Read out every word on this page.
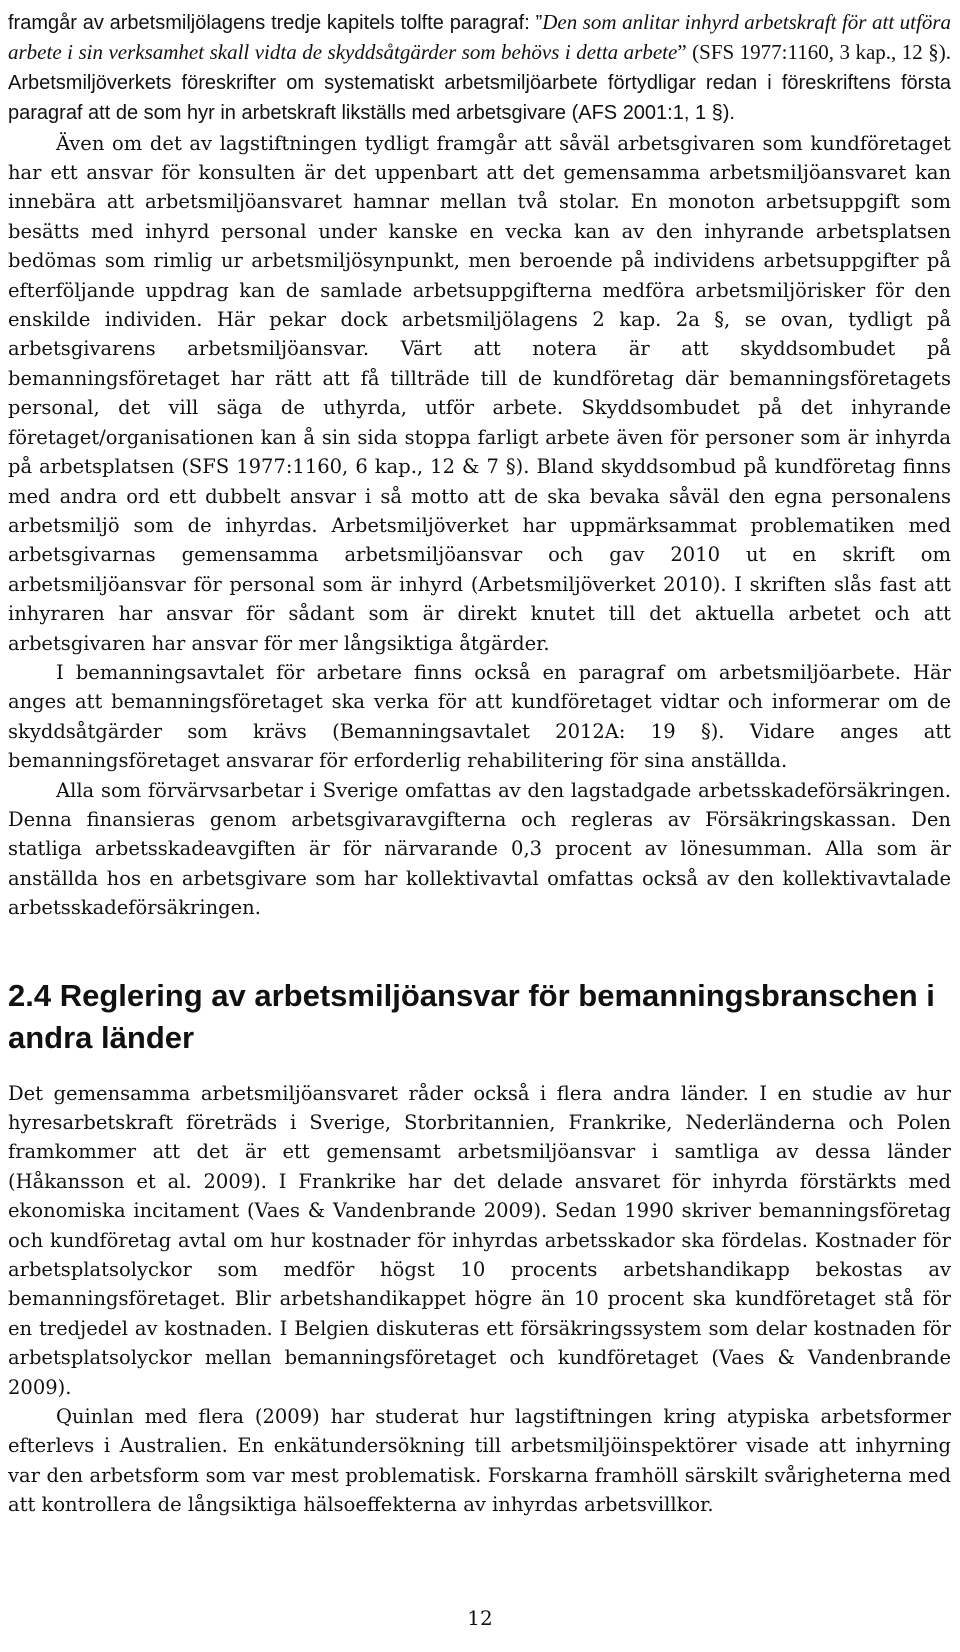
framgår av arbetsmiljölagens tredje kapitels tolfte paragraf: ”Den som anlitar inhyrd arbetskraft för att utföra arbete i sin verksamhet skall vidta de skyddsåtgärder som behövs i detta arbete” (SFS 1977:1160, 3 kap., 12 §). Arbetsmiljöverkets föreskrifter om systematiskt arbetsmiljöarbete förtydligar redan i föreskriftens första paragraf att de som hyr in arbetskraft likställs med arbetsgivare (AFS 2001:1, 1 §).

Även om det av lagstiftningen tydligt framgår att såväl arbetsgivaren som kundföretaget har ett ansvar för konsulten är det uppenbart att det gemensamma arbetsmiljöansvaret kan innebära att arbetsmiljöansvaret hamnar mellan två stolar. En monoton arbetsuppgift som besätts med inhyrd personal under kanske en vecka kan av den inhyrande arbetsplatsen bedömas som rimlig ur arbetsmiljösynpunkt, men beroende på individens arbetsuppgifter på efterföljande uppdrag kan de samlade arbetsuppgifterna medföra arbetsmiljörisker för den enskilde individen. Här pekar dock arbetsmiljölagens 2 kap. 2a §, se ovan, tydligt på arbetsgivarens arbetsmiljöansvar. Värt att notera är att skyddsombudet på bemanningsföretaget har rätt att få tillträde till de kundföretag där bemanningsföretagets personal, det vill säga de uthyrda, utför arbete. Skyddsombudet på det inhyrande företaget/organisationen kan å sin sida stoppa farligt arbete även för personer som är inhyrda på arbetsplatsen (SFS 1977:1160, 6 kap., 12 & 7 §). Bland skyddsombud på kundföretag finns med andra ord ett dubbelt ansvar i så motto att de ska bevaka såväl den egna personalens arbetsmiljö som de inhyrdas. Arbetsmiljöverket har uppmärksammat problematiken med arbetsgivarnas gemensamma arbetsmiljöansvar och gav 2010 ut en skrift om arbetsmiljöansvar för personal som är inhyrd (Arbetsmiljöverket 2010). I skriften slås fast att inhyraren har ansvar för sådant som är direkt knutet till det aktuella arbetet och att arbetsgivaren har ansvar för mer långsiktiga åtgärder.

I bemanningsavtalet för arbetare finns också en paragraf om arbetsmiljöarbete. Här anges att bemanningsföretaget ska verka för att kundföretaget vidtar och informerar om de skyddsåtgärder som krävs (Bemanningsavtalet 2012A: 19 §). Vidare anges att bemanningsföretaget ansvarar för erforderlig rehabilitering för sina anställda.

Alla som förvärvsarbetar i Sverige omfattas av den lagstadgade arbetsskadeförsäkringen. Denna finansieras genom arbetsgivaravgifterna och regleras av Försäkringskassan. Den statliga arbetsskadeavgiften är för närvarande 0,3 procent av lönesumman. Alla som är anställda hos en arbetsgivare som har kollektivavtal omfattas också av den kollektivavtalade arbetsskadeförsäkringen.

2.4 Reglering av arbetsmiljöansvar för bemanningsbranschen i andra länder

Det gemensamma arbetsmiljöansvaret råder också i flera andra länder. I en studie av hur hyresarbetskraft företräds i Sverige, Storbritannien, Frankrike, Nederländerna och Polen framkommer att det är ett gemensamt arbetsmiljöansvar i samtliga av dessa länder (Håkansson et al. 2009). I Frankrike har det delade ansvaret för inhyrda förstärkts med ekonomiska incitament (Vaes & Vandenbrande 2009). Sedan 1990 skriver bemanningsföretag och kundföretag avtal om hur kostnader för inhyrdas arbetsskador ska fördelas. Kostnader för arbetsplatsolyckor som medför högst 10 procents arbetshandikapp bekostas av bemanningsföretaget. Blir arbetshandikappet högre än 10 procent ska kundföretaget stå för en tredjedel av kostnaden. I Belgien diskuteras ett försäkringssystem som delar kostnaden för arbetsplatsolyckor mellan bemanningsföretaget och kundföretaget (Vaes & Vandenbrande 2009).

Quinlan med flera (2009) har studerat hur lagstiftningen kring atypiska arbetsformer efterlevs i Australien. En enkätundersökning till arbetsmiljöinspektörer visade att inhyrning var den arbetsform som var mest problematisk. Forskarna framhöll särskilt svårigheterna med att kontrollera de långsiktiga hälsoeffekterna av inhyrdas arbetsvillkor.

12
